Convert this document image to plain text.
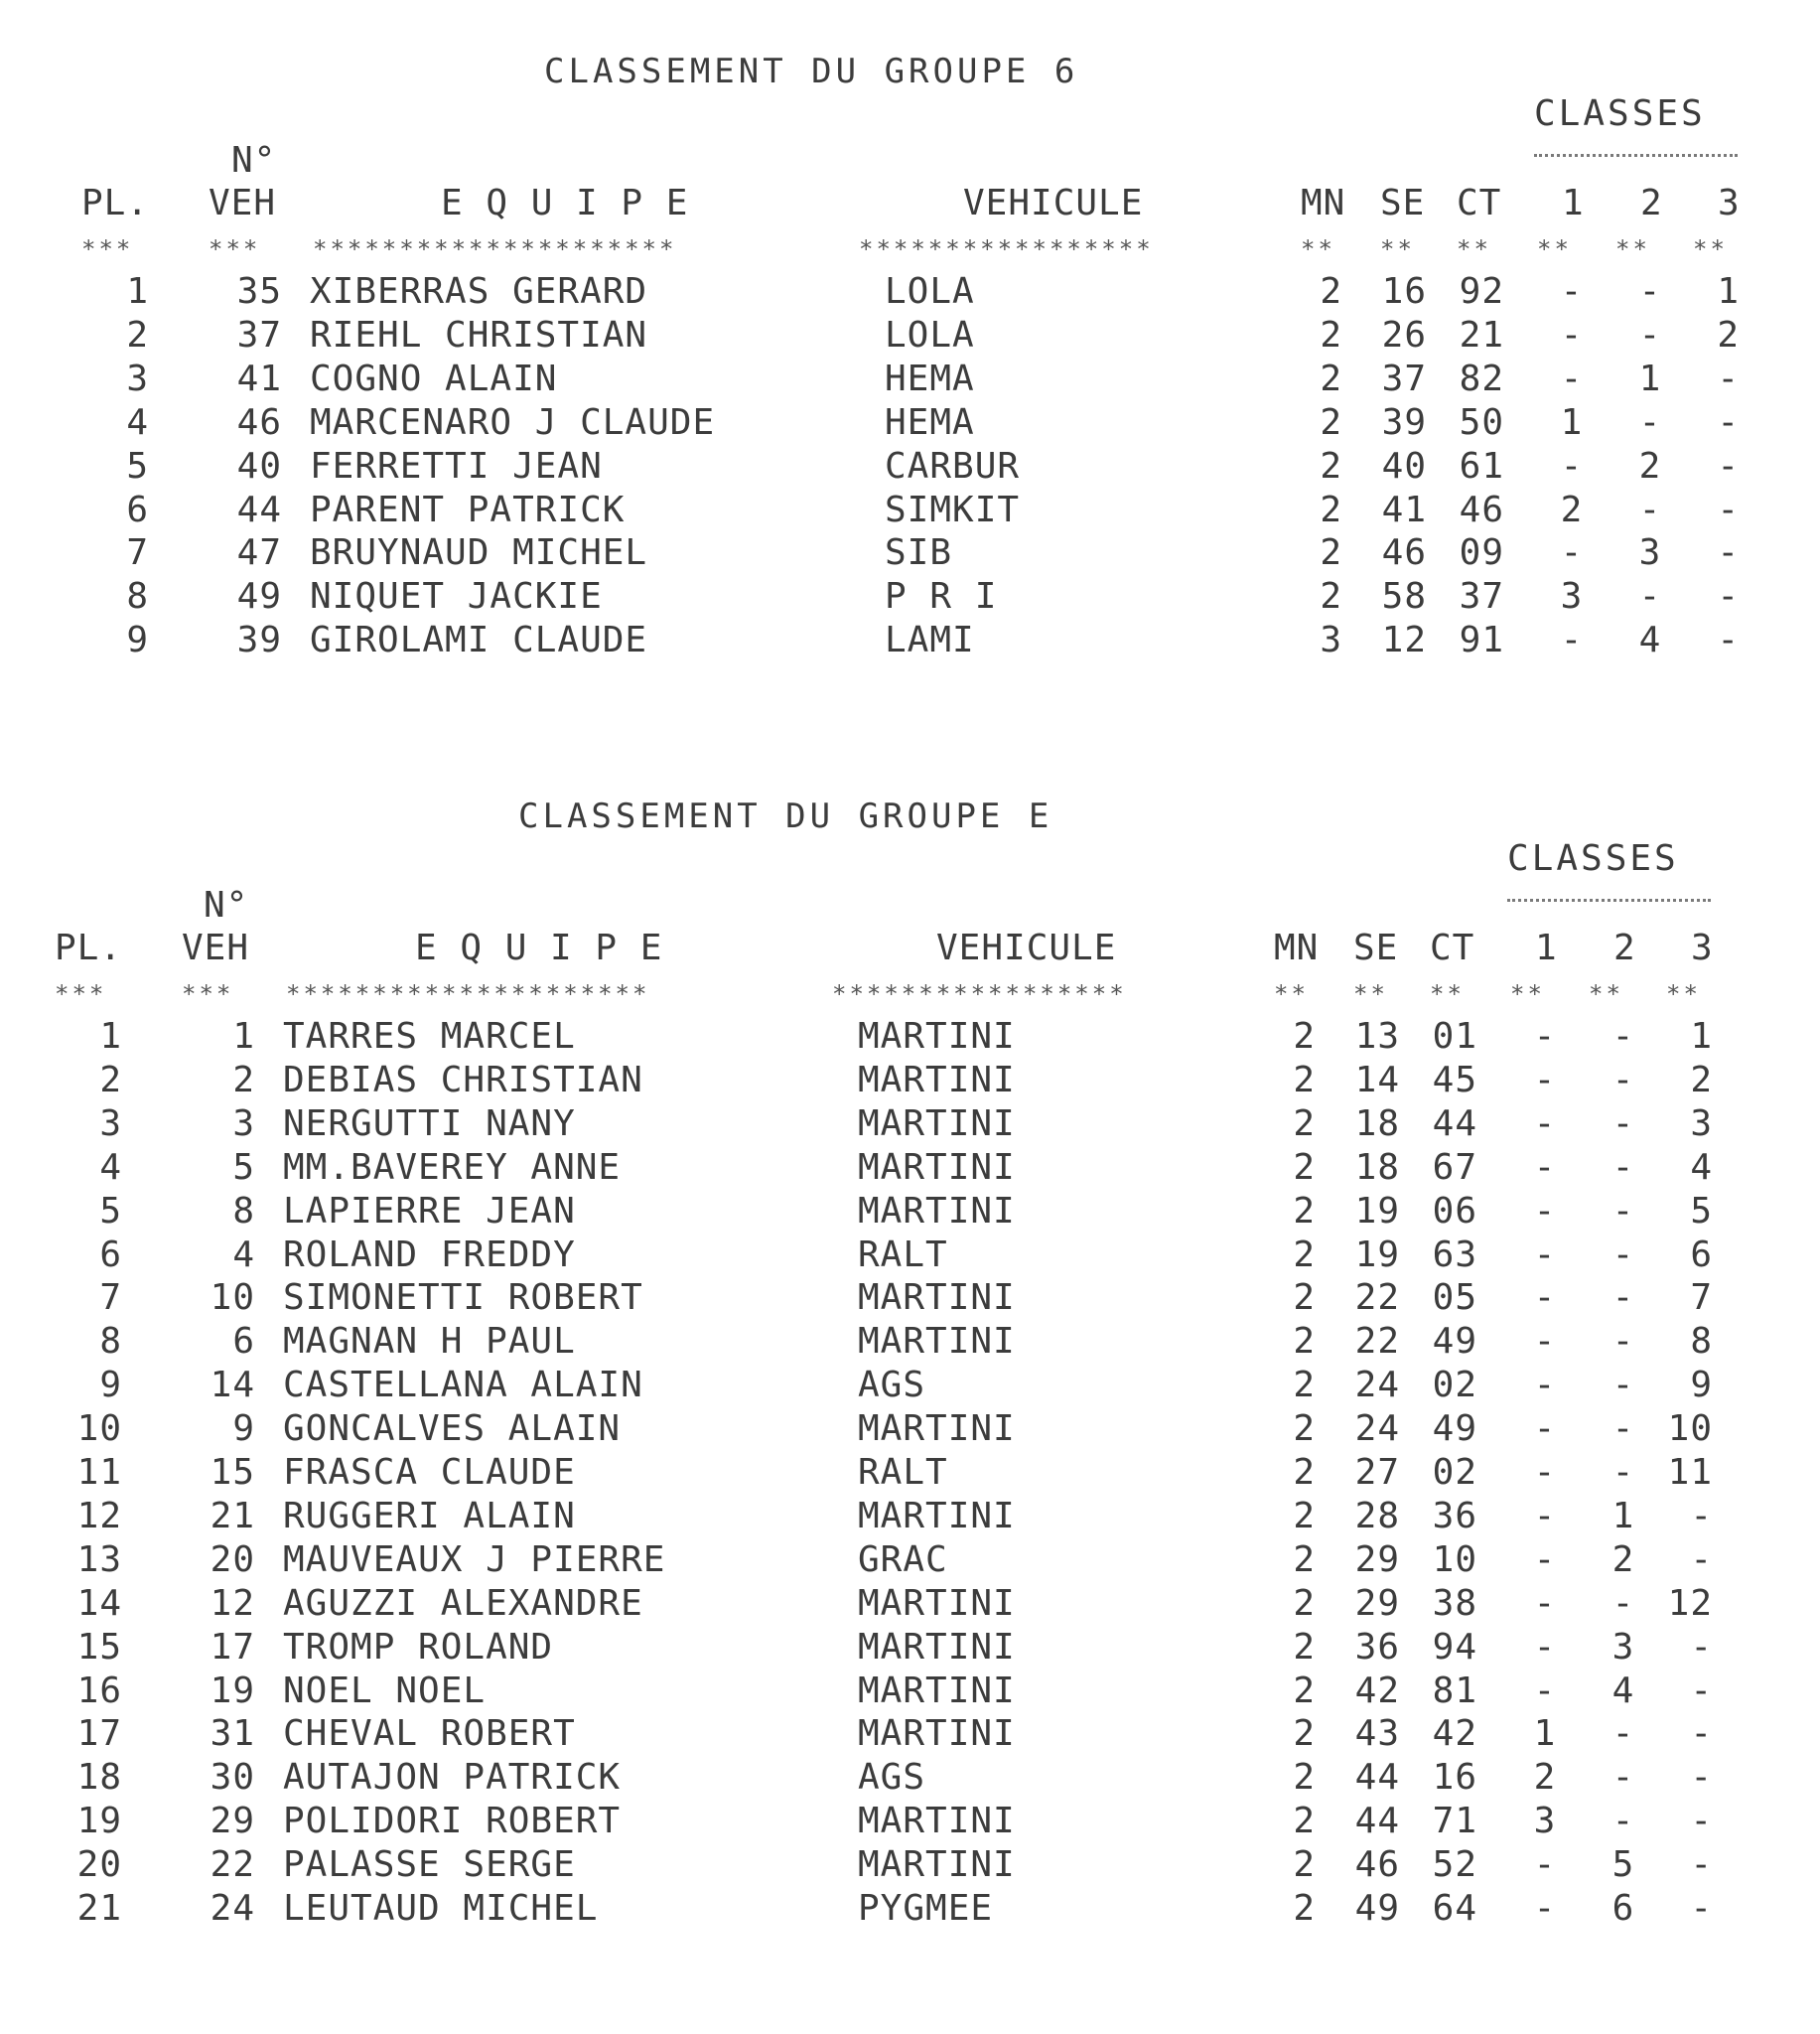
CLASSEMENT DU GROUPE 6
CLASSES
N°
PL. VEH	E Q U I P E	VEHICULE	MN SE CT 1 2 3
***	*** *********************	*****************	** ** ** ** ** **
1	35 XIBERRAS GERARD	LOLA	2	16 92	-	-	1
2	37 RIEHL CHRISTIAN	LOLA	2	26 21	-	-	2
3	41 COGNO ALAIN	HEMA	2	37 82	-	1	-
4	46 MARCENARO J CLAUDE	HEMA	2	39 50	1	-	-
5	40 FERRETTI JEAN	CARBUR	2	40 61	-	2	-
6	44 PARENT PATRICK	SIMKIT	2	41 46	2	-	-
7	47 BRUYNAUD MICHEL	SIB	2	46 09	-	3	-
8	49 NIQUET JACKIE	P R I	2	58 37	3	-	-
9	39 GIROLAMI CLAUDE	LAMI	3	12 91	-	4	-
CLASSEMENT DU GROUPE E
CLASSES
N°
PL. VEH	E Q U I P E	VEHICULE	MN SE CT 1 2 3
***	*** *********************	*****************	** ** ** ** ** **
1	1 TARRES MARCEL	MARTINI	2	13 01	-	-	1
2	2 DEBIAS CHRISTIAN	MARTINI	2	14 45	-	-	2
3	3 NERGUTTI NANY	MARTINI	2	18 44	-	-	3
4	5 MM.BAVEREY ANNE	MARTINI	2	18 67	-	-	4
5	8 LAPIERRE JEAN	MARTINI	2	19 06	-	-	5
6	4 ROLAND FREDDY	RALT	2	19 63	-	-	6
7	10 SIMONETTI ROBERT	MARTINI	2	22 05	-	-	7
8	6 MAGNAN H PAUL	MARTINI	2	22 49	-	-	8
9	14 CASTELLANA ALAIN	AGS	2	24 02	-	-	9
10	9 GONCALVES ALAIN	MARTINI	2	24 49	-	- 10
11	15 FRASCA CLAUDE	RALT	2	27 02	-	- 11
12	21 RUGGERI ALAIN	MARTINI	2	28 36	-	1	-
13	20 MAUVEAUX J PIERRE	GRAC	2	29 10	-	2	-
14	12 AGUZZI ALEXANDRE	MARTINI	2	29 38	-	- 12
15	17 TROMP ROLAND	MARTINI	2	36 94	-	3	-
16	19 NOEL NOEL	MARTINI	2	42 81	-	4	-
17	31 CHEVAL ROBERT	MARTINI	2	43 42	1	-	-
18	30 AUTAJON PATRICK	AGS	2	44 16	2	-	-
19	29 POLIDORI ROBERT	MARTINI	2	44 71	3	-	-
20	22 PALASSE SERGE	MARTINI	2	46 52	-	5	-
21	24 LEUTAUD MICHEL	PYGMEE	2	49 64	-	6	-
